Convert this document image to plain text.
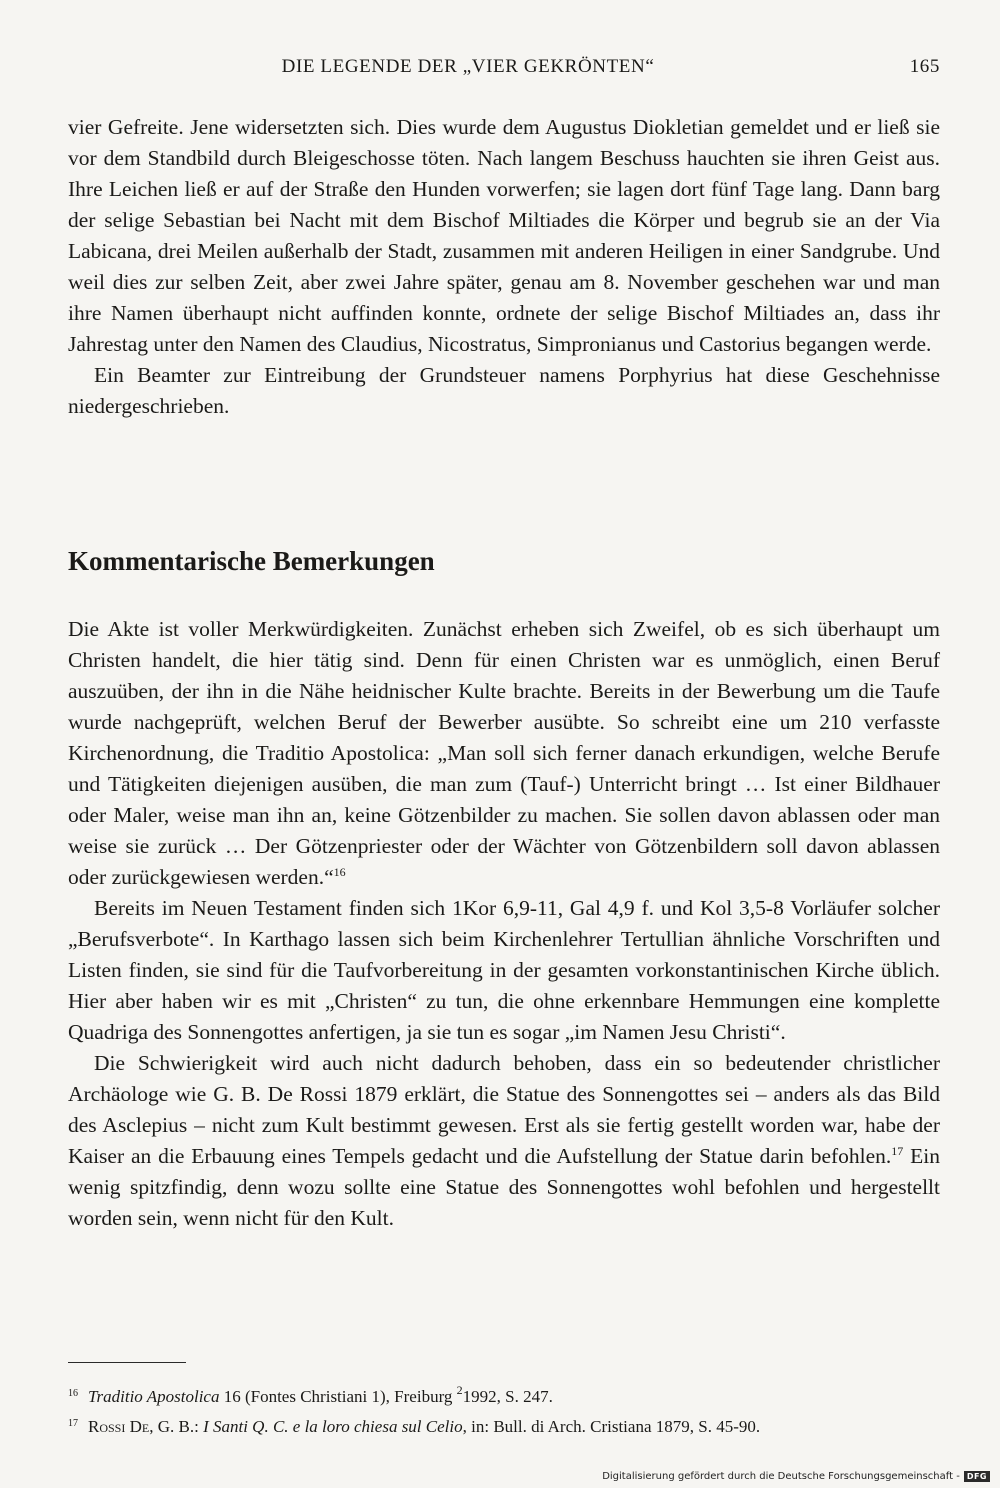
DIE LEGENDE DER „VIER GEKRÖNTEN“	165

vier Gefreite. Jene widersetzten sich. Dies wurde dem Augustus Diokletian gemeldet und er ließ sie vor dem Standbild durch Bleigeschosse töten. Nach langem Beschuss hauchten sie ihren Geist aus. Ihre Leichen ließ er auf der Straße den Hunden vorwerfen; sie lagen dort fünf Tage lang. Dann barg der selige Sebastian bei Nacht mit dem Bischof Miltiades die Körper und begrub sie an der Via Labicana, drei Meilen außerhalb der Stadt, zusammen mit anderen Heiligen in einer Sandgrube. Und weil dies zur selben Zeit, aber zwei Jahre später, genau am 8. November geschehen war und man ihre Namen überhaupt nicht auffinden konnte, ordnete der selige Bischof Miltiades an, dass ihr Jahrestag unter den Namen des Claudius, Nicostratus, Simpronianus und Castorius begangen werde.

Ein Beamter zur Eintreibung der Grundsteuer namens Porphyrius hat diese Geschehnisse niedergeschrieben.

Kommentarische Bemerkungen

Die Akte ist voller Merkwürdigkeiten. Zunächst erheben sich Zweifel, ob es sich überhaupt um Christen handelt, die hier tätig sind. Denn für einen Christen war es unmöglich, einen Beruf auszuüben, der ihn in die Nähe heidnischer Kulte brachte. Bereits in der Bewerbung um die Taufe wurde nachgeprüft, welchen Beruf der Bewerber ausübte. So schreibt eine um 210 verfasste Kirchenordnung, die Traditio Apostolica: „Man soll sich ferner danach erkundigen, welche Berufe und Tätigkeiten diejenigen ausüben, die man zum (Tauf-) Unterricht bringt … Ist einer Bildhauer oder Maler, weise man ihn an, keine Götzenbilder zu machen. Sie sollen davon ablassen oder man weise sie zurück … Der Götzenpriester oder der Wächter von Götzenbildern soll davon ablassen oder zurückgewiesen werden.“$^{16}$

Bereits im Neuen Testament finden sich 1Kor 6,9-11, Gal 4,9 f. und Kol 3,5-8 Vorläufer solcher „Berufsverbote“. In Karthago lassen sich beim Kirchenlehrer Tertullian ähnliche Vorschriften und Listen finden, sie sind für die Taufvorbereitung in der gesamten vorkonstantinischen Kirche üblich. Hier aber haben wir es mit „Christen“ zu tun, die ohne erkennbare Hemmungen eine komplette Quadriga des Sonnengottes anfertigen, ja sie tun es sogar „im Namen Jesu Christi“.

Die Schwierigkeit wird auch nicht dadurch behoben, dass ein so bedeutender christlicher Archäologe wie G. B. De Rossi 1879 erklärt, die Statue des Sonnengottes sei – anders als das Bild des Asclepius – nicht zum Kult bestimmt gewesen. Erst als sie fertig gestellt worden war, habe der Kaiser an die Erbauung eines Tempels gedacht und die Aufstellung der Statue darin befohlen.$^{17}$ Ein wenig spitzfindig, denn wozu sollte eine Statue des Sonnengottes wohl befohlen und hergestellt worden sein, wenn nicht für den Kult.

$^{16}$ Traditio Apostolica 16 (Fontes Christiani 1), Freiburg $^2$1992, S. 247.

$^{17}$ Rossi De, G. B.: I Santi Q. C. e la loro chiesa sul Celio, in: Bull. di Arch. Cristiana 1879, S. 45-90.

Digitalisierung gefördert durch die Deutsche Forschungsgemeinschaft - DFG
